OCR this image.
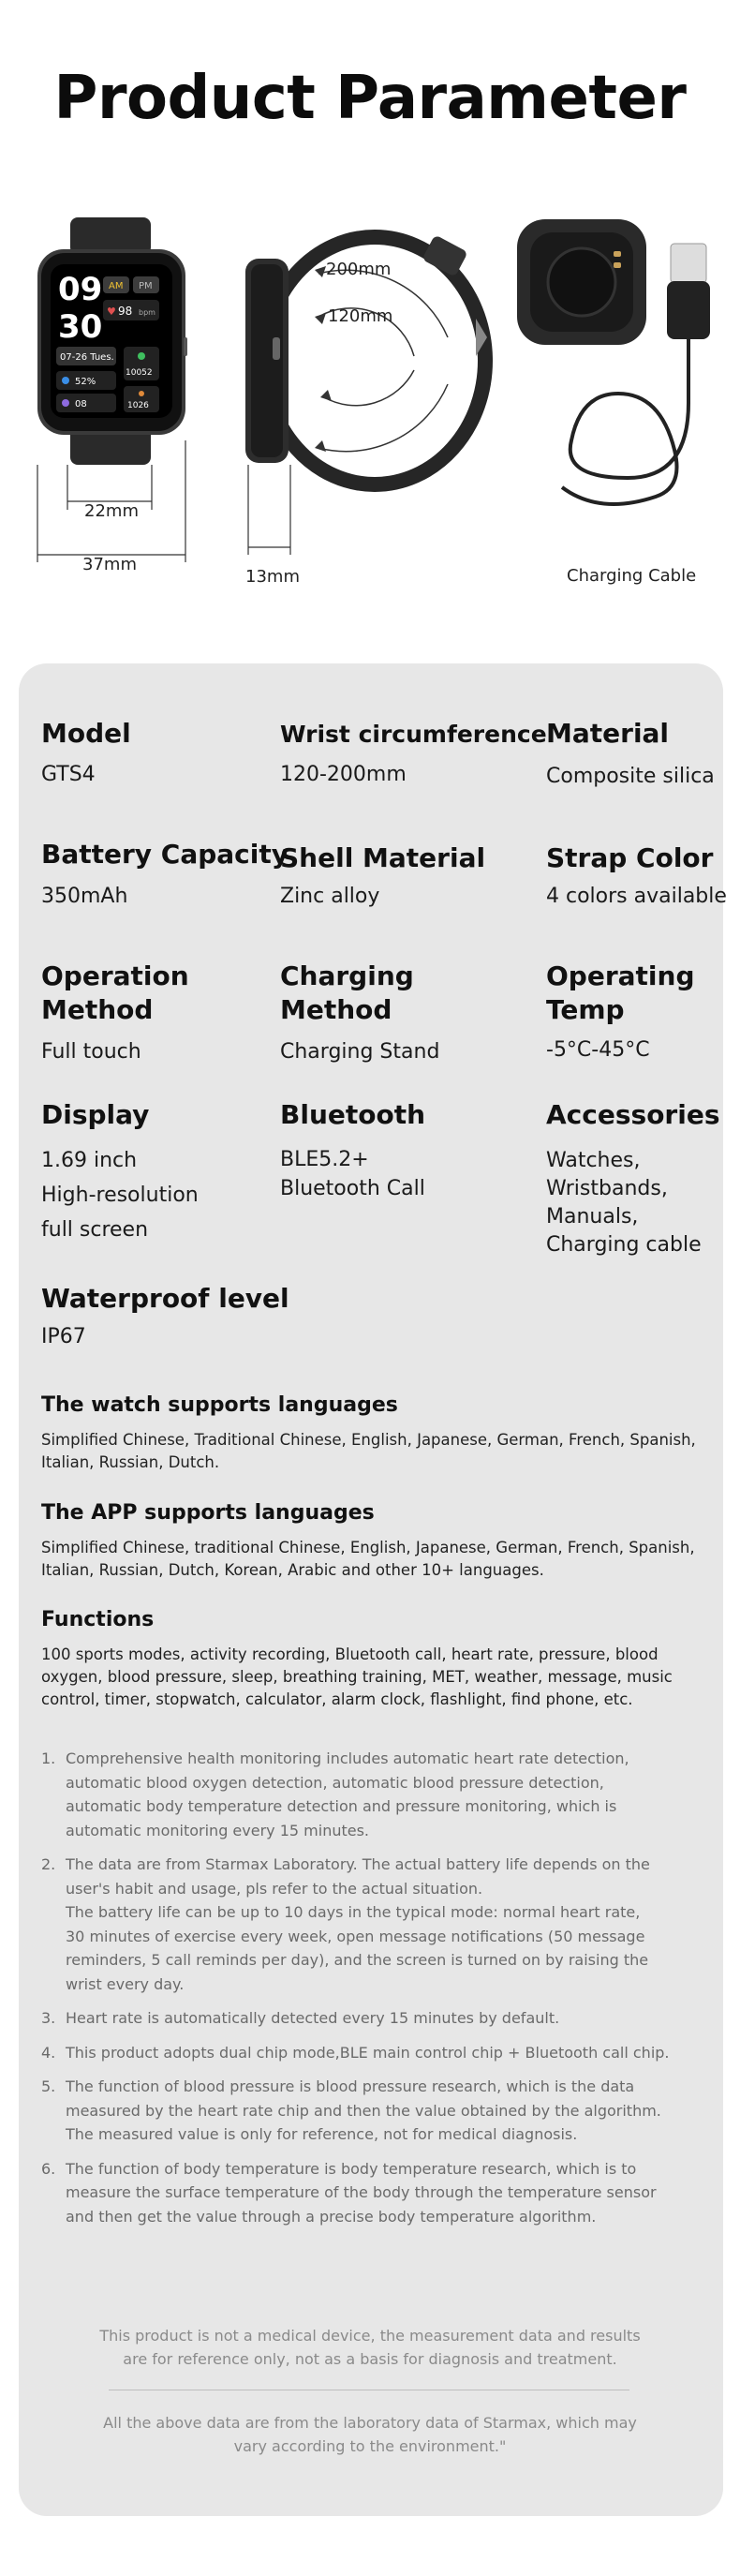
Product Parameter
09
30
AM PM
♥ 98 bpm
07-26 Tues.
10052
52%
08	1026
22mm
37mm
13mm
200mm
120mm
Charging Cable
Model
GTS4
Wrist circumference
120-200mm
Material
Composite silica
Battery Capacity
350mAh
Shell Material
Zinc alloy
Strap Color
4 colors available
Operation
Method
Full touch
Charging
Method
Charging Stand
Operating
Temp
-5°C-45°C
Display
1.69 inch
High-resolution
full screen
Bluetooth
BLE5.2+
Bluetooth Call
Accessories
Watches,
Wristbands,
Manuals,
Charging cable
Waterproof level
IP67
The watch supports languages
Simplified Chinese, Traditional Chinese, English, Japanese, German, French, Spanish,
Italian, Russian, Dutch.
The APP supports languages
Simplified Chinese, traditional Chinese, English, Japanese, German, French, Spanish,
Italian, Russian, Dutch, Korean, Arabic and other 10+ languages.
Functions
100 sports modes, activity recording, Bluetooth call, heart rate, pressure, blood
oxygen, blood pressure, sleep, breathing training, MET, weather, message, music
control, timer, stopwatch, calculator, alarm clock, flashlight, find phone, etc.
1. Comprehensive health monitoring includes automatic heart rate detection,
automatic blood oxygen detection, automatic blood pressure detection,
automatic body temperature detection and pressure monitoring, which is
automatic monitoring every 15 minutes.
2. The data are from Starmax Laboratory. The actual battery life depends on the
user's habit and usage, pls refer to the actual situation.
The battery life can be up to 10 days in the typical mode: normal heart rate,
30 minutes of exercise every week, open message notifications (50 message
reminders, 5 call reminds per day), and the screen is turned on by raising the
wrist every day.
3. Heart rate is automatically detected every 15 minutes by default.
4. This product adopts dual chip mode,BLE main control chip + Bluetooth call chip.
5. The function of blood pressure is blood pressure research, which is the data
measured by the heart rate chip and then the value obtained by the algorithm.
The measured value is only for reference, not for medical diagnosis.
6. The function of body temperature is body temperature research, which is to
measure the surface temperature of the body through the temperature sensor
and then get the value through a precise body temperature algorithm.
This product is not a medical device, the measurement data and results
are for reference only, not as a basis for diagnosis and treatment.
All the above data are from the laboratory data of Starmax, which may
vary according to the environment."
